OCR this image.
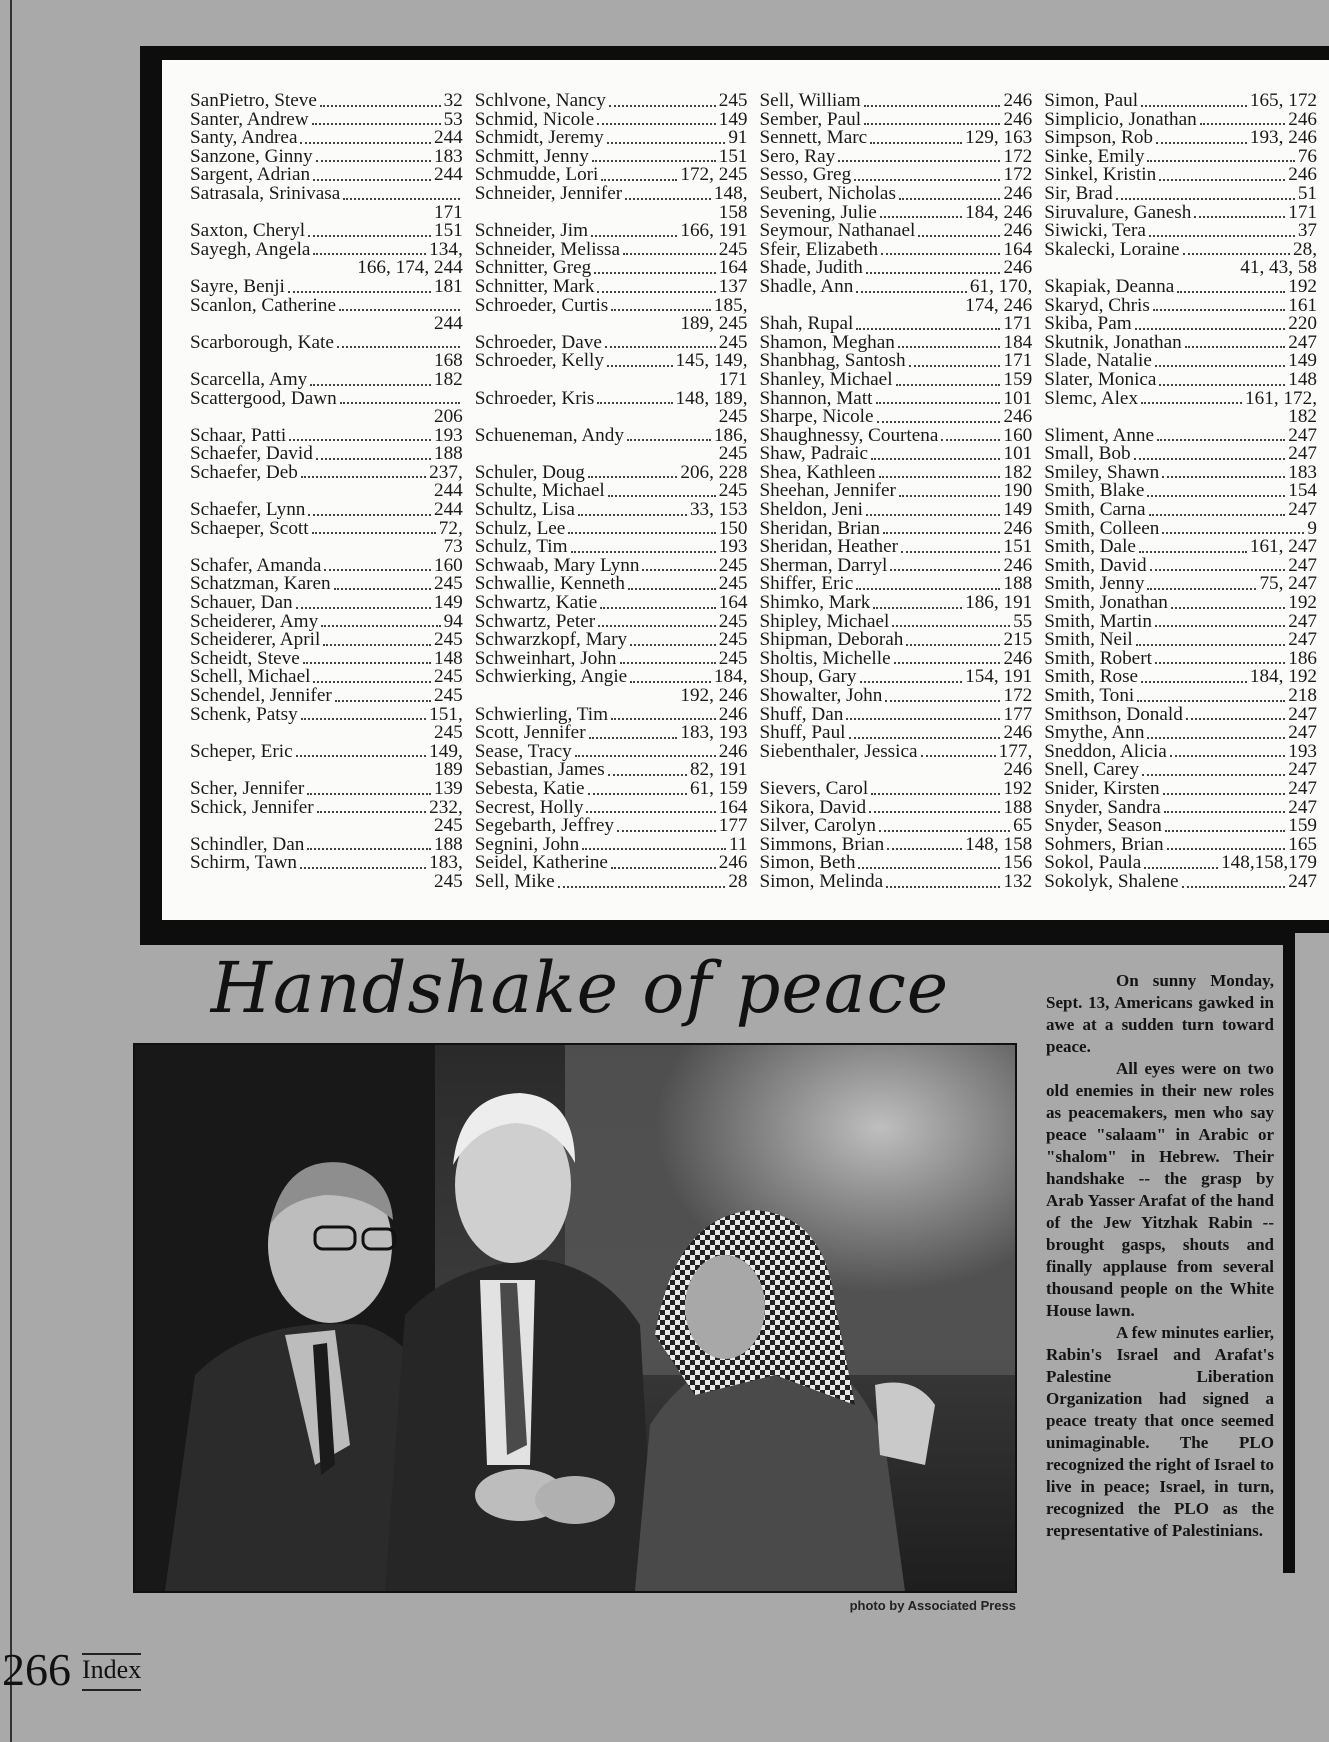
SanPietro, Steve	32
Santer, Andrew	53
Santy, Andrea	244
Sanzone, Ginny	183
Sargent, Adrian	244
Satrasala, Srinivasa
171
Saxton, Cheryl	151
Sayegh, Angela	134,
166, 174, 244
Sayre, Benji	181
Scanlon, Catherine
244
Scarborough, Kate
168
Scarcella, Amy	182
Scattergood, Dawn
206
Schaar, Patti	193
Schaefer, David	188
Schaefer, Deb	237,
244
Schaefer, Lynn	244
Schaeper, Scott	72,
73
Schafer, Amanda	160
Schatzman, Karen	245
Schauer, Dan	149
Scheiderer, Amy	94
Scheiderer, April	245
Scheidt, Steve	148
Schell, Michael	245
Schendel, Jennifer	245
Schenk, Patsy	151,
245
Scheper, Eric	149,
189
Scher, Jennifer	139
Schick, Jennifer	232,
245
Schindler, Dan	188
Schirm, Tawn	183,
245
Schlvone, Nancy	245
Schmid, Nicole	149
Schmidt, Jeremy	91
Schmitt, Jenny	151
Schmudde, Lori	172, 245
Schneider, Jennifer	148,
158
Schneider, Jim	166, 191
Schneider, Melissa	245
Schnitter, Greg	164
Schnitter, Mark	137
Schroeder, Curtis	185,
189, 245
Schroeder, Dave	245
Schroeder, Kelly	145, 149,
171
Schroeder, Kris	148, 189,
245
Schueneman, Andy	186,
245
Schuler, Doug	206, 228
Schulte, Michael	245
Schultz, Lisa	33, 153
Schulz, Lee	150
Schulz, Tim	193
Schwaab, Mary Lynn	245
Schwallie, Kenneth	245
Schwartz, Katie	164
Schwartz, Peter	245
Schwarzkopf, Mary	245
Schweinhart, John	245
Schwierking, Angie	184,
192, 246
Schwierling, Tim	246
Scott, Jennifer	183, 193
Sease, Tracy	246
Sebastian, James	82, 191
Sebesta, Katie	61, 159
Secrest, Holly	164
Segebarth, Jeffrey	177
Segnini, John	11
Seidel, Katherine	246
Sell, Mike	28
Sell, William	246
Sember, Paul	246
Sennett, Marc	129, 163
Sero, Ray	172
Sesso, Greg	172
Seubert, Nicholas	246
Sevening, Julie	184, 246
Seymour, Nathanael	246
Sfeir, Elizabeth	164
Shade, Judith	246
Shadle, Ann	61, 170,
174, 246
Shah, Rupal	171
Shamon, Meghan	184
Shanbhag, Santosh	171
Shanley, Michael	159
Shannon, Matt	101
Sharpe, Nicole	246
Shaughnessy, Courtena	160
Shaw, Padraic	101
Shea, Kathleen	182
Sheehan, Jennifer	190
Sheldon, Jeni	149
Sheridan, Brian	246
Sheridan, Heather	151
Sherman, Darryl	246
Shiffer, Eric	188
Shimko, Mark	186, 191
Shipley, Michael	55
Shipman, Deborah	215
Sholtis, Michelle	246
Shoup, Gary	154, 191
Showalter, John	172
Shuff, Dan	177
Shuff, Paul	246
Siebenthaler, Jessica	177,
246
Sievers, Carol	192
Sikora, David	188
Silver, Carolyn	65
Simmons, Brian	148, 158
Simon, Beth	156
Simon, Melinda	132
Simon, Paul	165, 172
Simplicio, Jonathan	246
Simpson, Rob	193, 246
Sinke, Emily	76
Sinkel, Kristin	246
Sir, Brad	51
Siruvalure, Ganesh	171
Siwicki, Tera	37
Skalecki, Loraine	28,
41, 43, 58
Skapiak, Deanna	192
Skaryd, Chris	161
Skiba, Pam	220
Skutnik, Jonathan	247
Slade, Natalie	149
Slater, Monica	148
Slemc, Alex	161, 172,
182
Sliment, Anne	247
Small, Bob	247
Smiley, Shawn	183
Smith, Blake	154
Smith, Carna	247
Smith, Colleen	9
Smith, Dale	161, 247
Smith, David	247
Smith, Jenny	75, 247
Smith, Jonathan	192
Smith, Martin	247
Smith, Neil	247
Smith, Robert	186
Smith, Rose	184, 192
Smith, Toni	218
Smithson, Donald	247
Smythe, Ann	247
Sneddon, Alicia	193
Snell, Carey	247
Snider, Kirsten	247
Snyder, Sandra	247
Snyder, Season	159
Sohmers, Brian	165
Sokol, Paula	148,158,179
Sokolyk, Shalene	247
Handshake of peace
photo by Associated Press

On sunny Monday, Sept. 13, Americans gawked in awe at a sudden turn toward peace.

All eyes were on two old enemies in their new roles as peacemakers, men who say peace "salaam" in Arabic or "shalom" in Hebrew. Their handshake -- the grasp by Arab Yasser Arafat of the hand of the Jew Yitzhak Rabin -- brought gasps, shouts and finally applause from several thousand people on the White House lawn.

A few minutes earlier, Rabin's Israel and Arafat's Palestine Liberation Organization had signed a peace treaty that once seemed unimaginable. The PLO recognized the right of Israel to live in peace; Israel, in turn, recognized the PLO as the representative of Palestinians.

266 Index
